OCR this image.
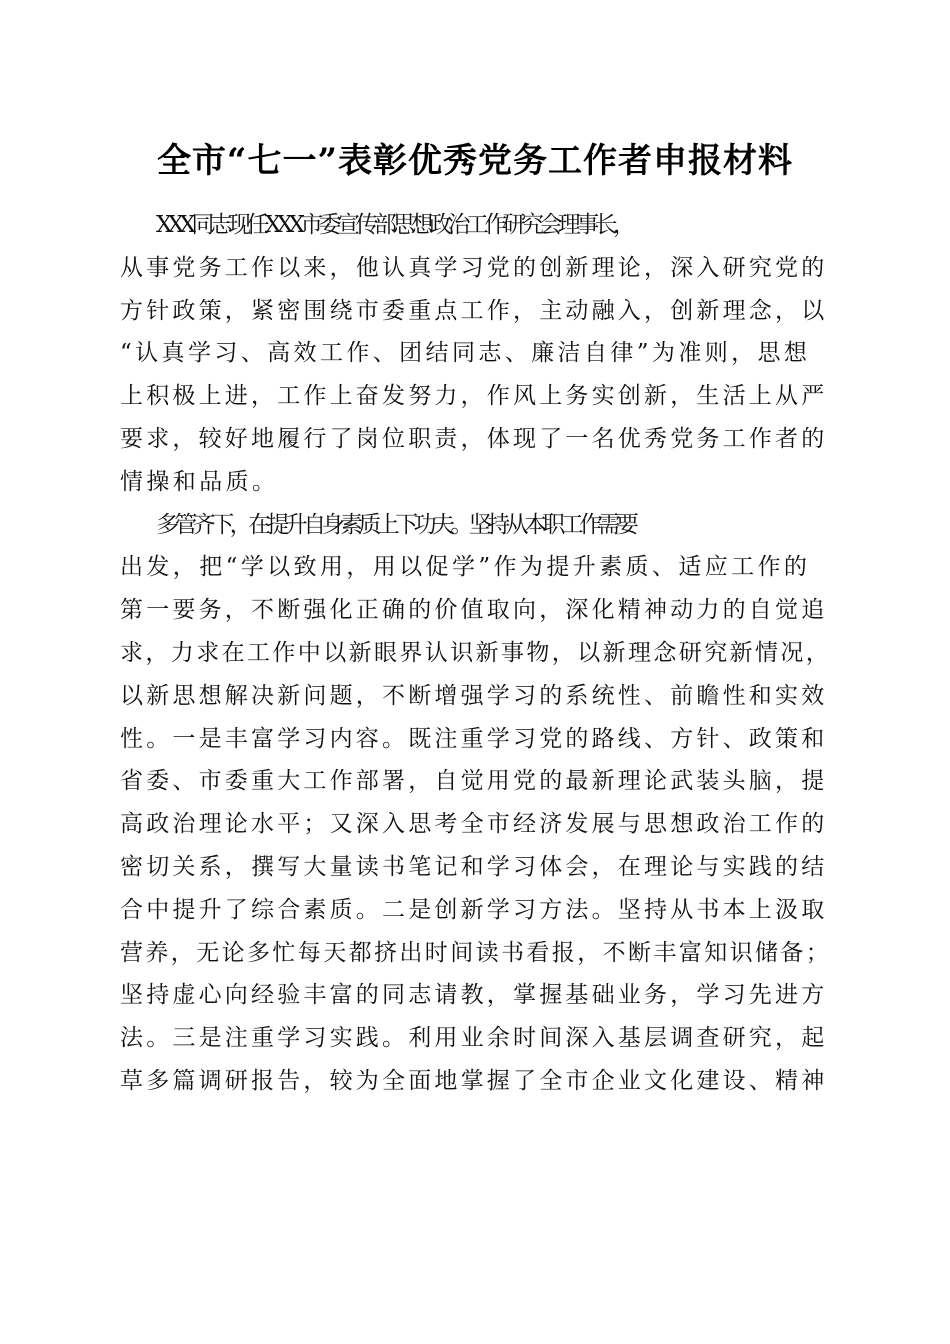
全市“七一”表彰优秀党务工作者申报材料

XXX同志现任XXX市委宣传部思想政治工作研究会理事长，
从事党务工作以来，他认真学习党的创新理论，深入研究党的
方针政策，紧密围绕市委重点工作，主动融入，创新理念，以
“认真学习、高效工作、团结同志、廉洁自律”为准则，思想
上积极上进，工作上奋发努力，作风上务实创新，生活上从严
要求，较好地履行了岗位职责，体现了一名优秀党务工作者的
情操和品质。

多管齐下，在提升自身素质上下功夫。坚持从本职工作需要
出发，把“学以致用，用以促学”作为提升素质、适应工作的
第一要务，不断强化正确的价值取向，深化精神动力的自觉追
求，力求在工作中以新眼界认识新事物，以新理念研究新情况，
以新思想解决新问题，不断增强学习的系统性、前瞻性和实效
性。一是丰富学习内容。既注重学习党的路线、方针、政策和
省委、市委重大工作部署，自觉用党的最新理论武装头脑，提
高政治理论水平；又深入思考全市经济发展与思想政治工作的
密切关系，撰写大量读书笔记和学习体会，在理论与实践的结
合中提升了综合素质。二是创新学习方法。坚持从书本上汲取
营养，无论多忙每天都挤出时间读书看报，不断丰富知识储备；
坚持虚心向经验丰富的同志请教，掌握基础业务，学习先进方
法。三是注重学习实践。利用业余时间深入基层调查研究，起
草多篇调研报告，较为全面地掌握了全市企业文化建设、精神
